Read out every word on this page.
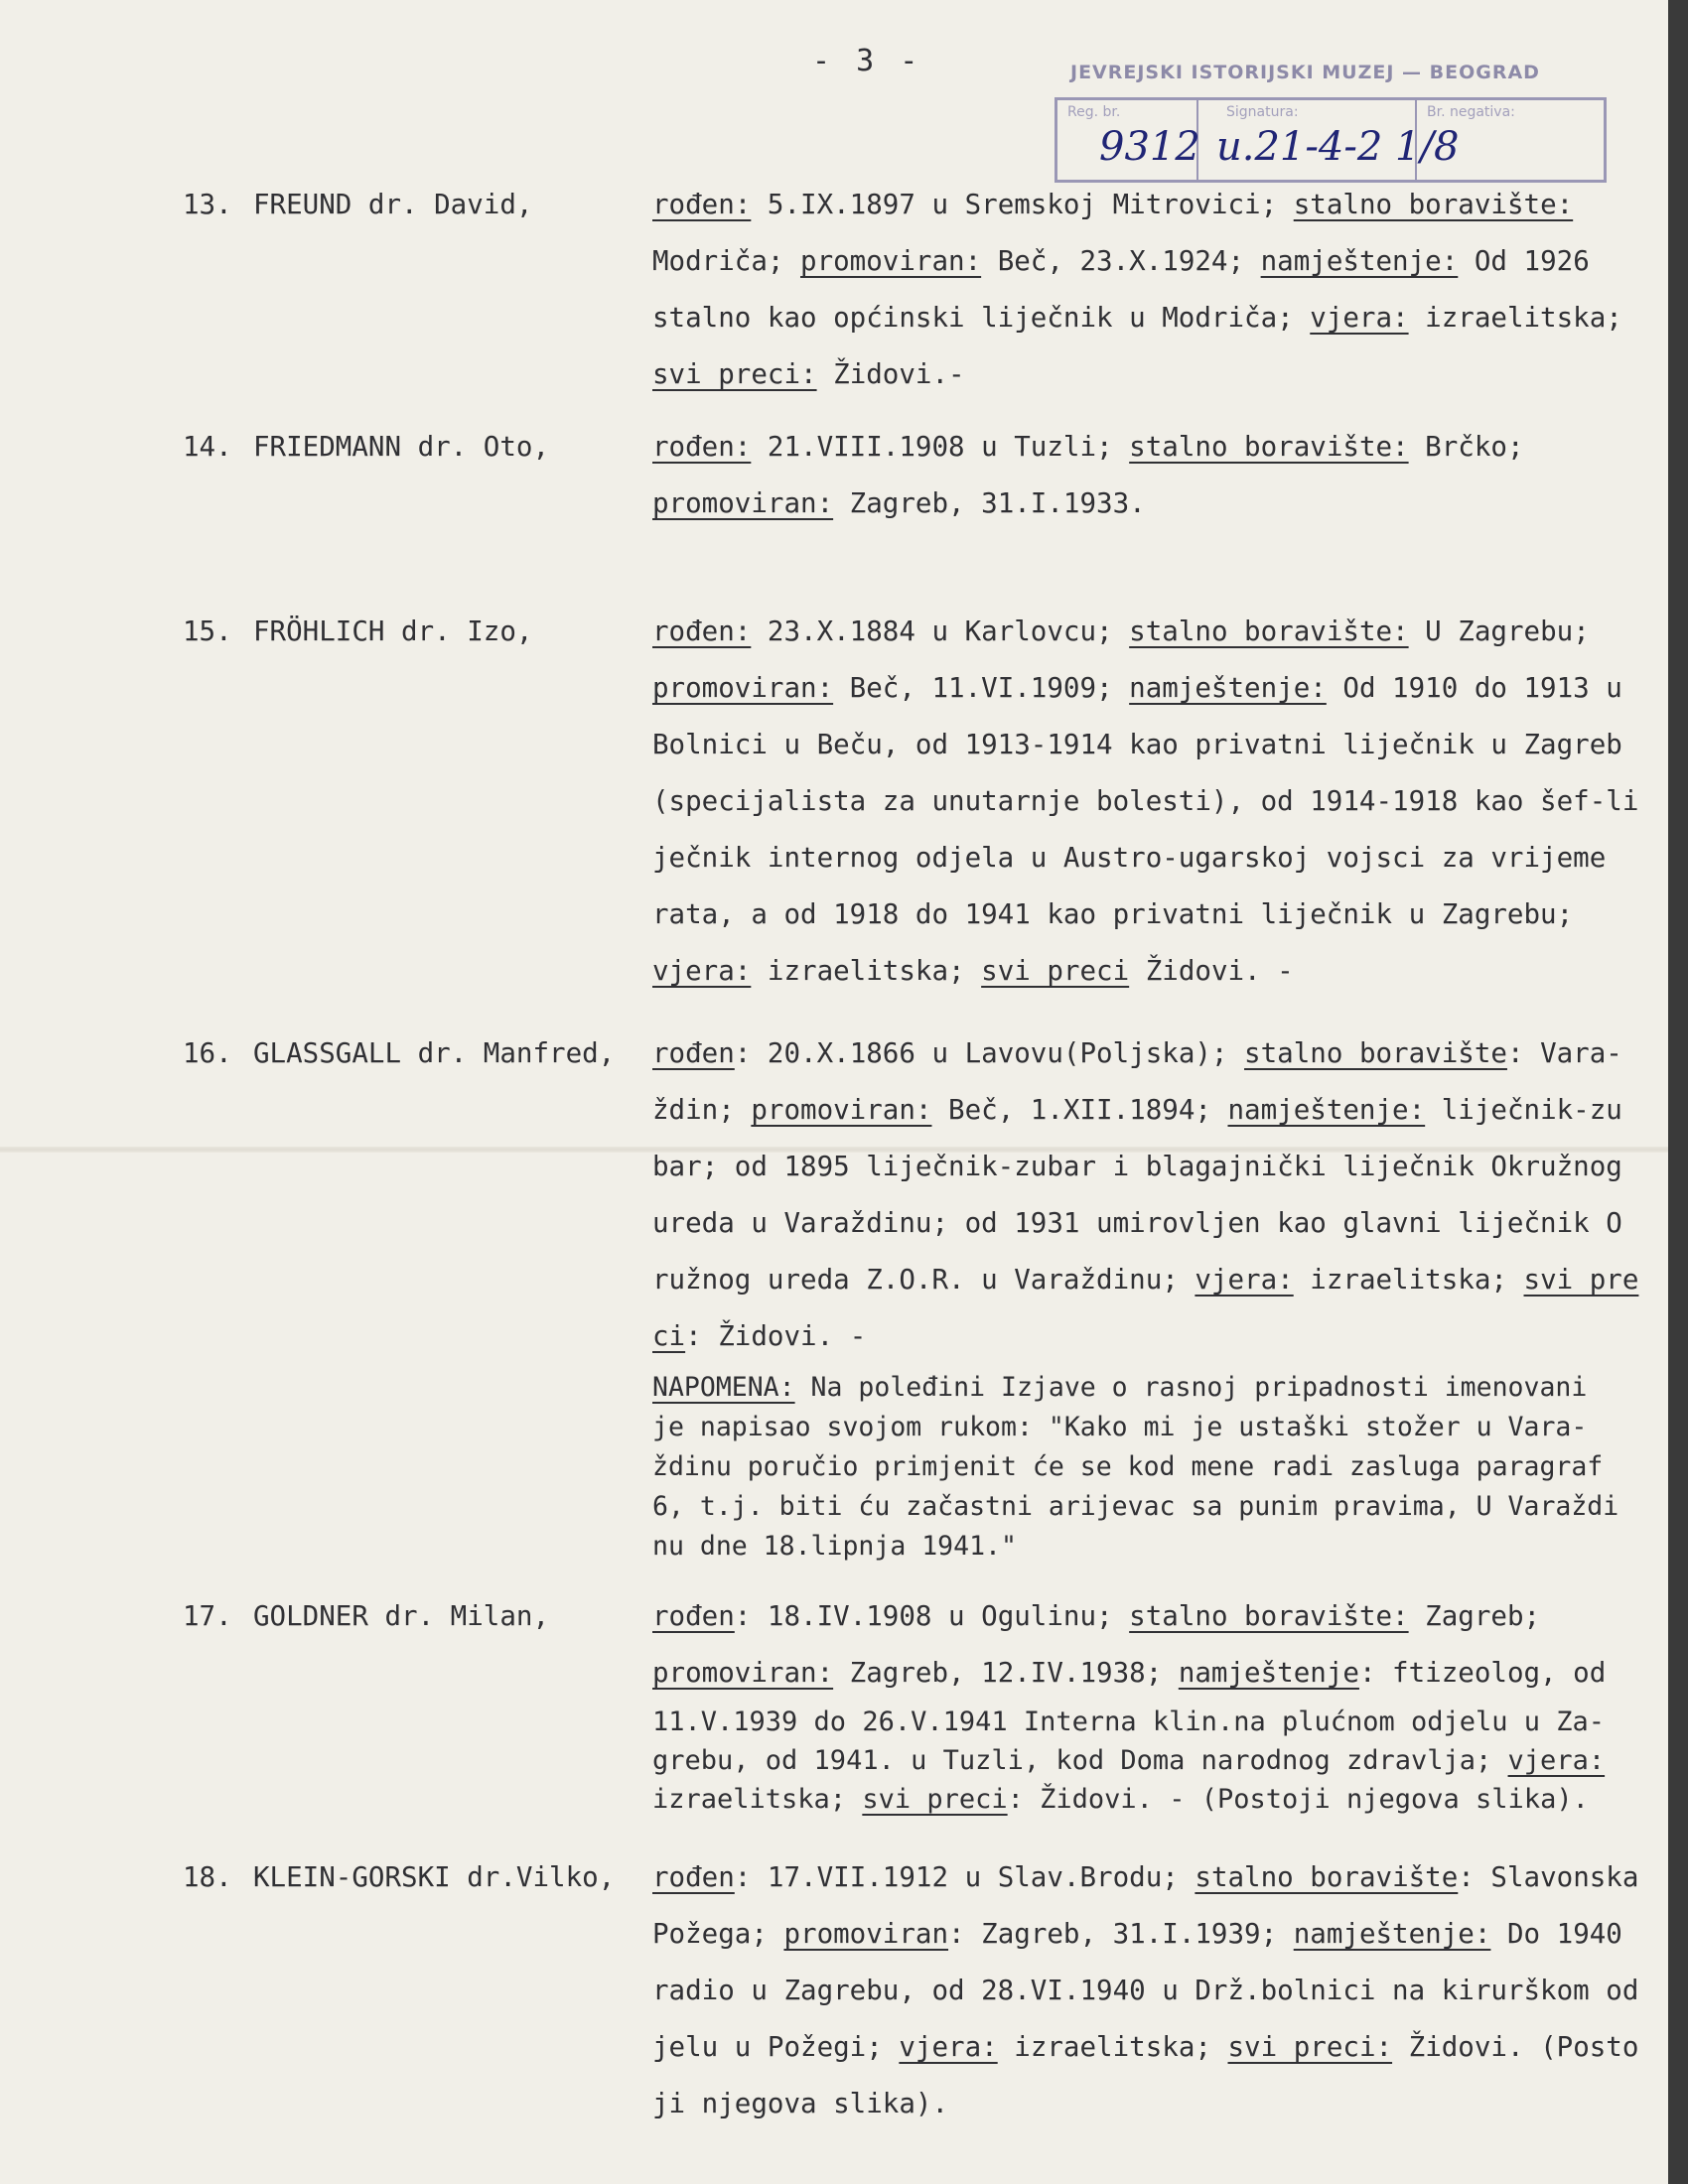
- 3 -	JEVREJSKI ISTORIJSKI MUZEJ — BEOGRAD
Reg. br.	Signatura:	Br. negativa:
9312 u.21-4-2 1/8
13. FREUND dr. David,	rođen: 5.IX.1897 u Sremskoj Mitrovici; stalno boravište:
Modriča; promoviran: Beč, 23.X.1924; namještenje: Od 1926
stalno kao općinski liječnik u Modriča; vjera: izraelitska;
svi preci: Židovi.-
14. FRIEDMANN dr. Oto,	rođen: 21.VIII.1908 u Tuzli; stalno boravište: Brčko;
promoviran: Zagreb, 31.I.1933.
15. FRÖHLICH dr. Izo,	rođen: 23.X.1884 u Karlovcu; stalno boravište: U Zagrebu;
promoviran: Beč, 11.VI.1909; namještenje: Od 1910 do 1913 u
Bolnici u Beču, od 1913-1914 kao privatni liječnik u Zagreb
(specijalista za unutarnje bolesti), od 1914-1918 kao šef-li
ječnik internog odjela u Austro-ugarskoj vojsci za vrijeme
rata, a od 1918 do 1941 kao privatni liječnik u Zagrebu;
vjera: izraelitska; svi preci Židovi. -
16. GLASSGALL dr. Manfred, rođen: 20.X.1866 u Lavovu(Poljska); stalno boravište: Vara-
ždin; promoviran: Beč, 1.XII.1894; namještenje: liječnik-zu
bar; od 1895 liječnik-zubar i blagajnički liječnik Okružnog
ureda u Varaždinu; od 1931 umirovljen kao glavni liječnik O
ružnog ureda Z.O.R. u Varaždinu; vjera: izraelitska; svi pre
ci: Židovi. -
NAPOMENA: Na poleđini Izjave o rasnoj pripadnosti imenovani
je napisao svojom rukom: "Kako mi je ustaški stožer u Vara-
ždinu poručio primjenit će se kod mene radi zasluga paragraf
6, t.j. biti ću začastni arijevac sa punim pravima, U Varaždi
nu dne 18.lipnja 1941."
17. GOLDNER dr. Milan,	rođen: 18.IV.1908 u Ogulinu; stalno boravište: Zagreb;
promoviran: Zagreb, 12.IV.1938; namještenje: ftizeolog, od
11.V.1939 do 26.V.1941 Interna klin.na plućnom odjelu u Za-
grebu, od 1941. u Tuzli, kod Doma narodnog zdravlja; vjera:
izraelitska; svi preci: Židovi. - (Postoji njegova slika).
18. KLEIN-GORSKI dr.Vilko, rođen: 17.VII.1912 u Slav.Brodu; stalno boravište: Slavonska
Požega; promoviran: Zagreb, 31.I.1939; namještenje: Do 1940
radio u Zagrebu, od 28.VI.1940 u Drž.bolnici na kirurškom od
jelu u Požegi; vjera: izraelitska; svi preci: Židovi. (Posto
ji njegova slika).
